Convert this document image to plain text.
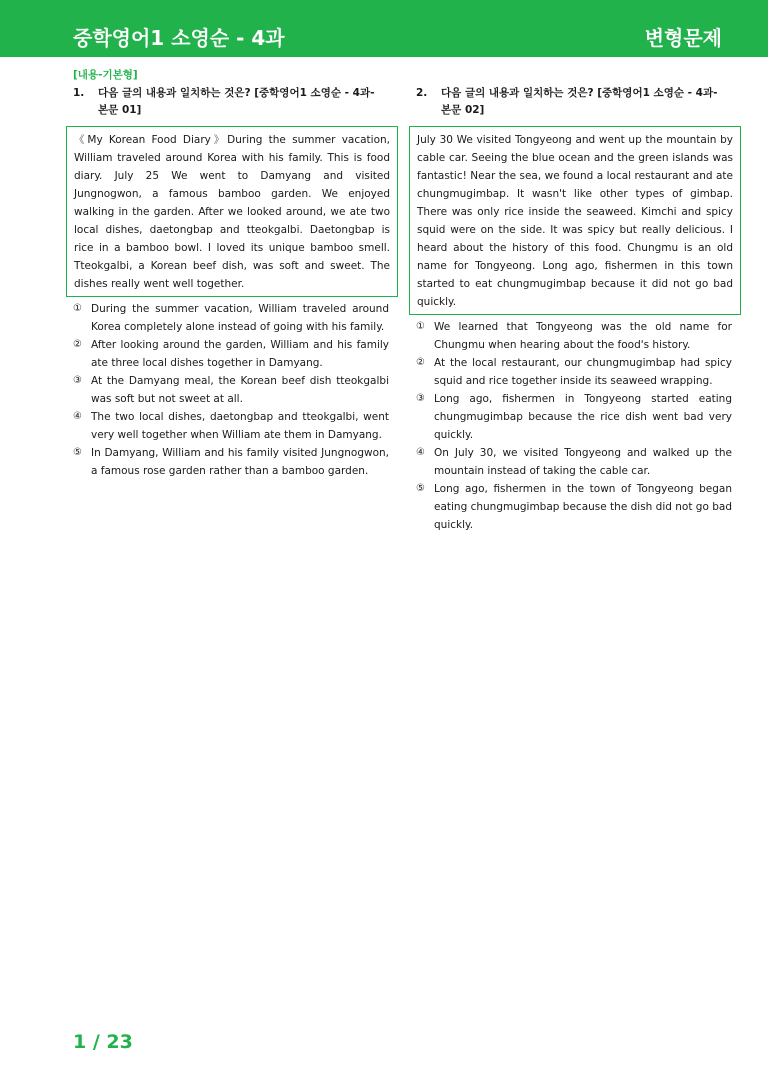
중학영어1 소영순 - 4과	변형문제
[내용-기본형]
1. 다음 글의 내용과 일치하는 것은? [중학영어1 소영순 - 4과-본문 01]
《My Korean Food Diary》During the summer vacation, William traveled around Korea with his family. This is food diary. July 25 We went to Damyang and visited Jungnogwon, a famous bamboo garden. We enjoyed walking in the garden. After we looked around, we ate two local dishes, daetongbap and tteokgalbi. Daetongbap is rice in a bamboo bowl. I loved its unique bamboo smell. Tteokgalbi, a Korean beef dish, was soft and sweet. The dishes really went well together.
① During the summer vacation, William traveled around Korea completely alone instead of going with his family.
② After looking around the garden, William and his family ate three local dishes together in Damyang.
③ At the Damyang meal, the Korean beef dish tteokgalbi was soft but not sweet at all.
④ The two local dishes, daetongbap and tteokgalbi, went very well together when William ate them in Damyang.
⑤ In Damyang, William and his family visited Jungnogwon, a famous rose garden rather than a bamboo garden.
2. 다음 글의 내용과 일치하는 것은? [중학영어1 소영순 - 4과-본문 02]
July 30 We visited Tongyeong and went up the mountain by cable car. Seeing the blue ocean and the green islands was fantastic! Near the sea, we found a local restaurant and ate chungmugimbap. It wasn't like other types of gimbap. There was only rice inside the seaweed. Kimchi and spicy squid were on the side. It was spicy but really delicious. I heard about the history of this food. Chungmu is an old name for Tongyeong. Long ago, fishermen in this town started to eat chungmugimbap because it did not go bad quickly.
① We learned that Tongyeong was the old name for Chungmu when hearing about the food's history.
② At the local restaurant, our chungmugimbap had spicy squid and rice together inside its seaweed wrapping.
③ Long ago, fishermen in Tongyeong started eating chungmugimbap because the rice dish went bad very quickly.
④ On July 30, we visited Tongyeong and walked up the mountain instead of taking the cable car.
⑤ Long ago, fishermen in the town of Tongyeong began eating chungmugimbap because the dish did not go bad quickly.
1 / 23
